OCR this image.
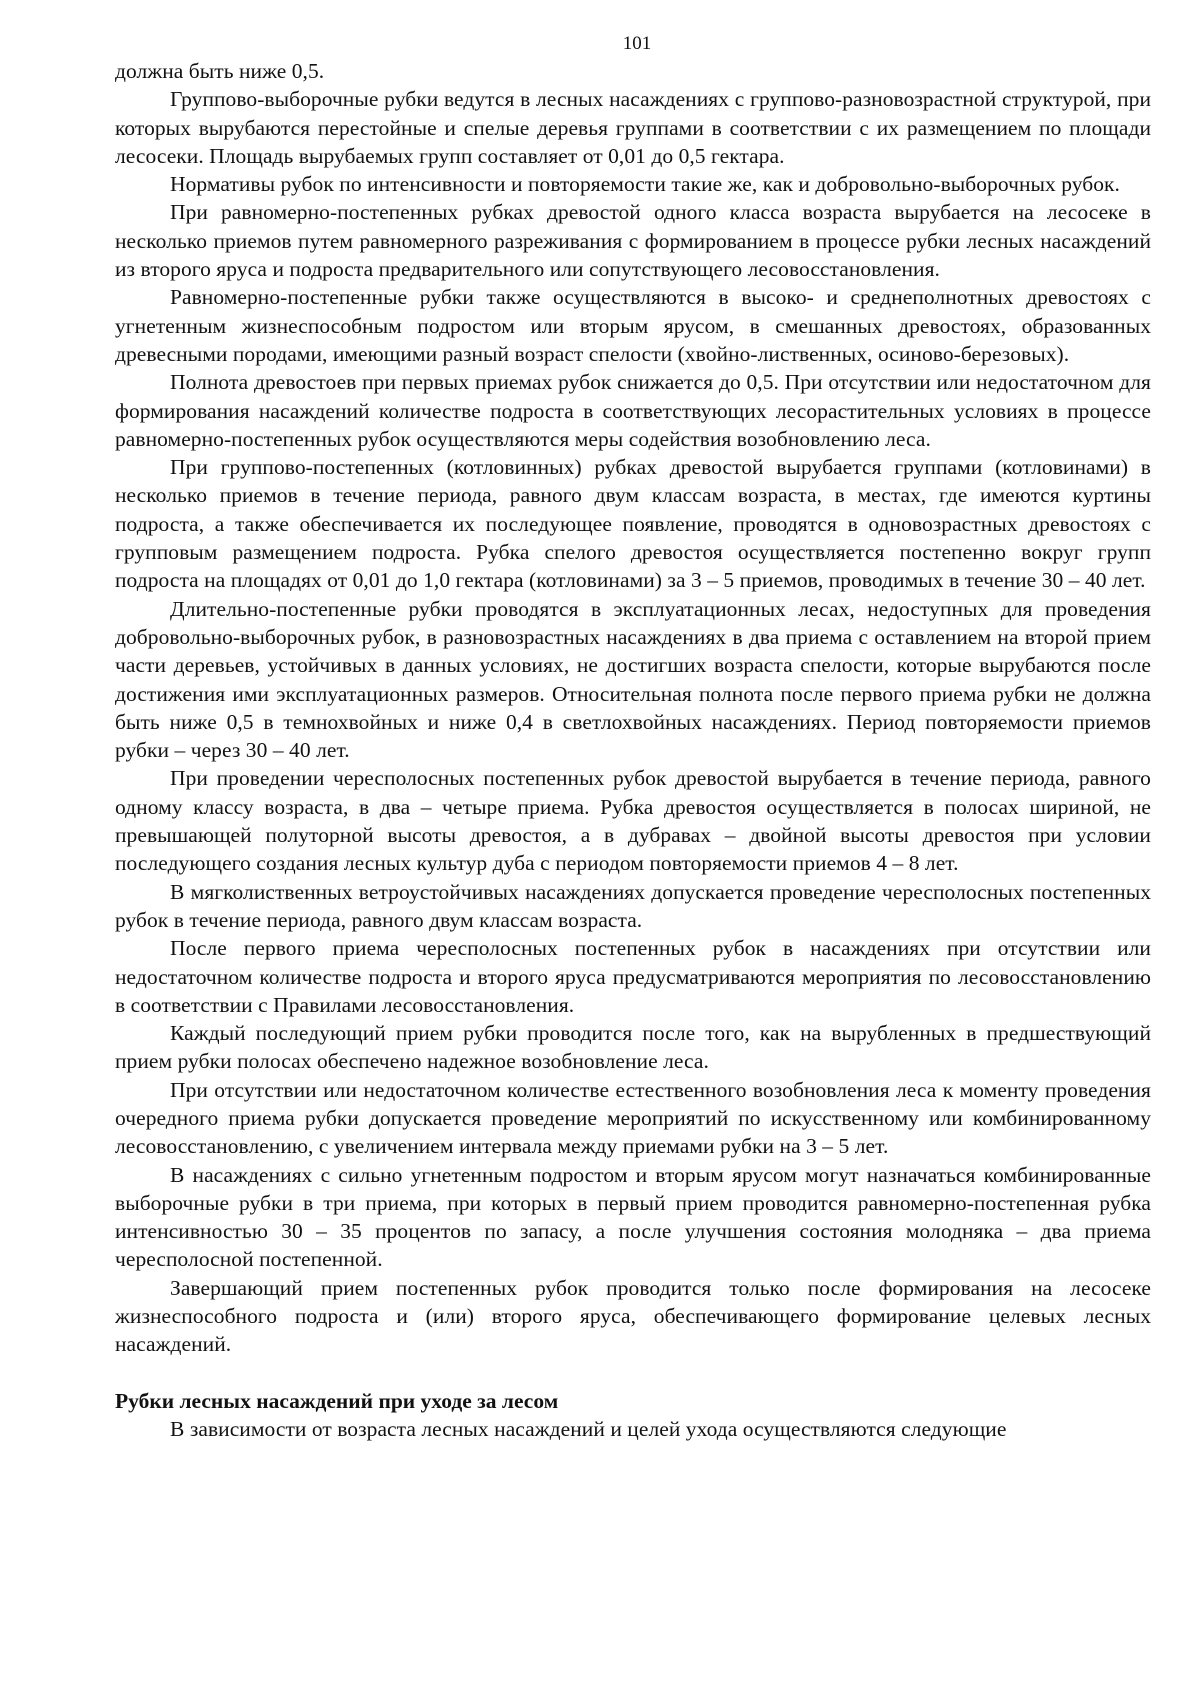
101

должна быть ниже 0,5.

Группово-выборочные рубки ведутся в лесных насаждениях с группово-разновозрастной структурой, при которых вырубаются перестойные и спелые деревья группами в соответствии с их размещением по площади лесосеки. Площадь вырубаемых групп составляет от 0,01 до 0,5 гектара.

Нормативы рубок по интенсивности и повторяемости такие же, как и добровольно-выборочных рубок.

При равномерно-постепенных рубках древостой одного класса возраста вырубается на лесосеке в несколько приемов путем равномерного разреживания с формированием в процессе рубки лесных насаждений из второго яруса и подроста предварительного или сопутствующего лесовосстановления.

Равномерно-постепенные рубки также осуществляются в высоко- и среднеполнотных древостоях с угнетенным жизнеспособным подростом или вторым ярусом, в смешанных древостоях, образованных древесными породами, имеющими разный возраст спелости (хвойно-лиственных, осиново-березовых).

Полнота древостоев при первых приемах рубок снижается до 0,5. При отсутствии или недостаточном для формирования насаждений количестве подроста в соответствующих лесорастительных условиях в процессе равномерно-постепенных рубок осуществляются меры содействия возобновлению леса.

При группово-постепенных (котловинных) рубках древостой вырубается группами (котловинами) в несколько приемов в течение периода, равного двум классам возраста, в местах, где имеются куртины подроста, а также обеспечивается их последующее появление, проводятся в одновозрастных древостоях с групповым размещением подроста. Рубка спелого древостоя осуществляется постепенно вокруг групп подроста на площадях от 0,01 до 1,0 гектара (котловинами) за 3 – 5 приемов, проводимых в течение 30 – 40 лет.

Длительно-постепенные рубки проводятся в эксплуатационных лесах, недоступных для проведения добровольно-выборочных рубок, в разновозрастных насаждениях в два приема с оставлением на второй прием части деревьев, устойчивых в данных условиях, не достигших возраста спелости, которые вырубаются после достижения ими эксплуатационных размеров. Относительная полнота после первого приема рубки не должна быть ниже 0,5 в темнохвойных и ниже 0,4 в светлохвойных насаждениях. Период повторяемости приемов рубки – через 30 – 40 лет.

При проведении чересполосных постепенных рубок древостой вырубается в течение периода, равного одному классу возраста, в два – четыре приема. Рубка древостоя осуществляется в полосах шириной, не превышающей полуторной высоты древостоя, а в дубравах – двойной высоты древостоя при условии последующего создания лесных культур дуба с периодом повторяемости приемов 4 – 8 лет.

В мягколиственных ветроустойчивых насаждениях допускается проведение чересполосных постепенных рубок в течение периода, равного двум классам возраста.

После первого приема чересполосных постепенных рубок в насаждениях при отсутствии или недостаточном количестве подроста и второго яруса предусматриваются мероприятия по лесовосстановлению в соответствии с Правилами лесовосстановления.

Каждый последующий прием рубки проводится после того, как на вырубленных в предшествующий прием рубки полосах обеспечено надежное возобновление леса.

При отсутствии или недостаточном количестве естественного возобновления леса к моменту проведения очередного приема рубки допускается проведение мероприятий по искусственному или комбинированному лесовосстановлению, с увеличением интервала между приемами рубки на 3 – 5 лет.

В насаждениях с сильно угнетенным подростом и вторым ярусом могут назначаться комбинированные выборочные рубки в три приема, при которых в первый прием проводится равномерно-постепенная рубка интенсивностью 30 – 35 процентов по запасу, а после улучшения состояния молодняка – два приема чересполосной постепенной.

Завершающий прием постепенных рубок проводится только после формирования на лесосеке жизнеспособного подроста и (или) второго яруса, обеспечивающего формирование целевых лесных насаждений.

Рубки лесных насаждений при уходе за лесом

В зависимости от возраста лесных насаждений и целей ухода осуществляются следующие
